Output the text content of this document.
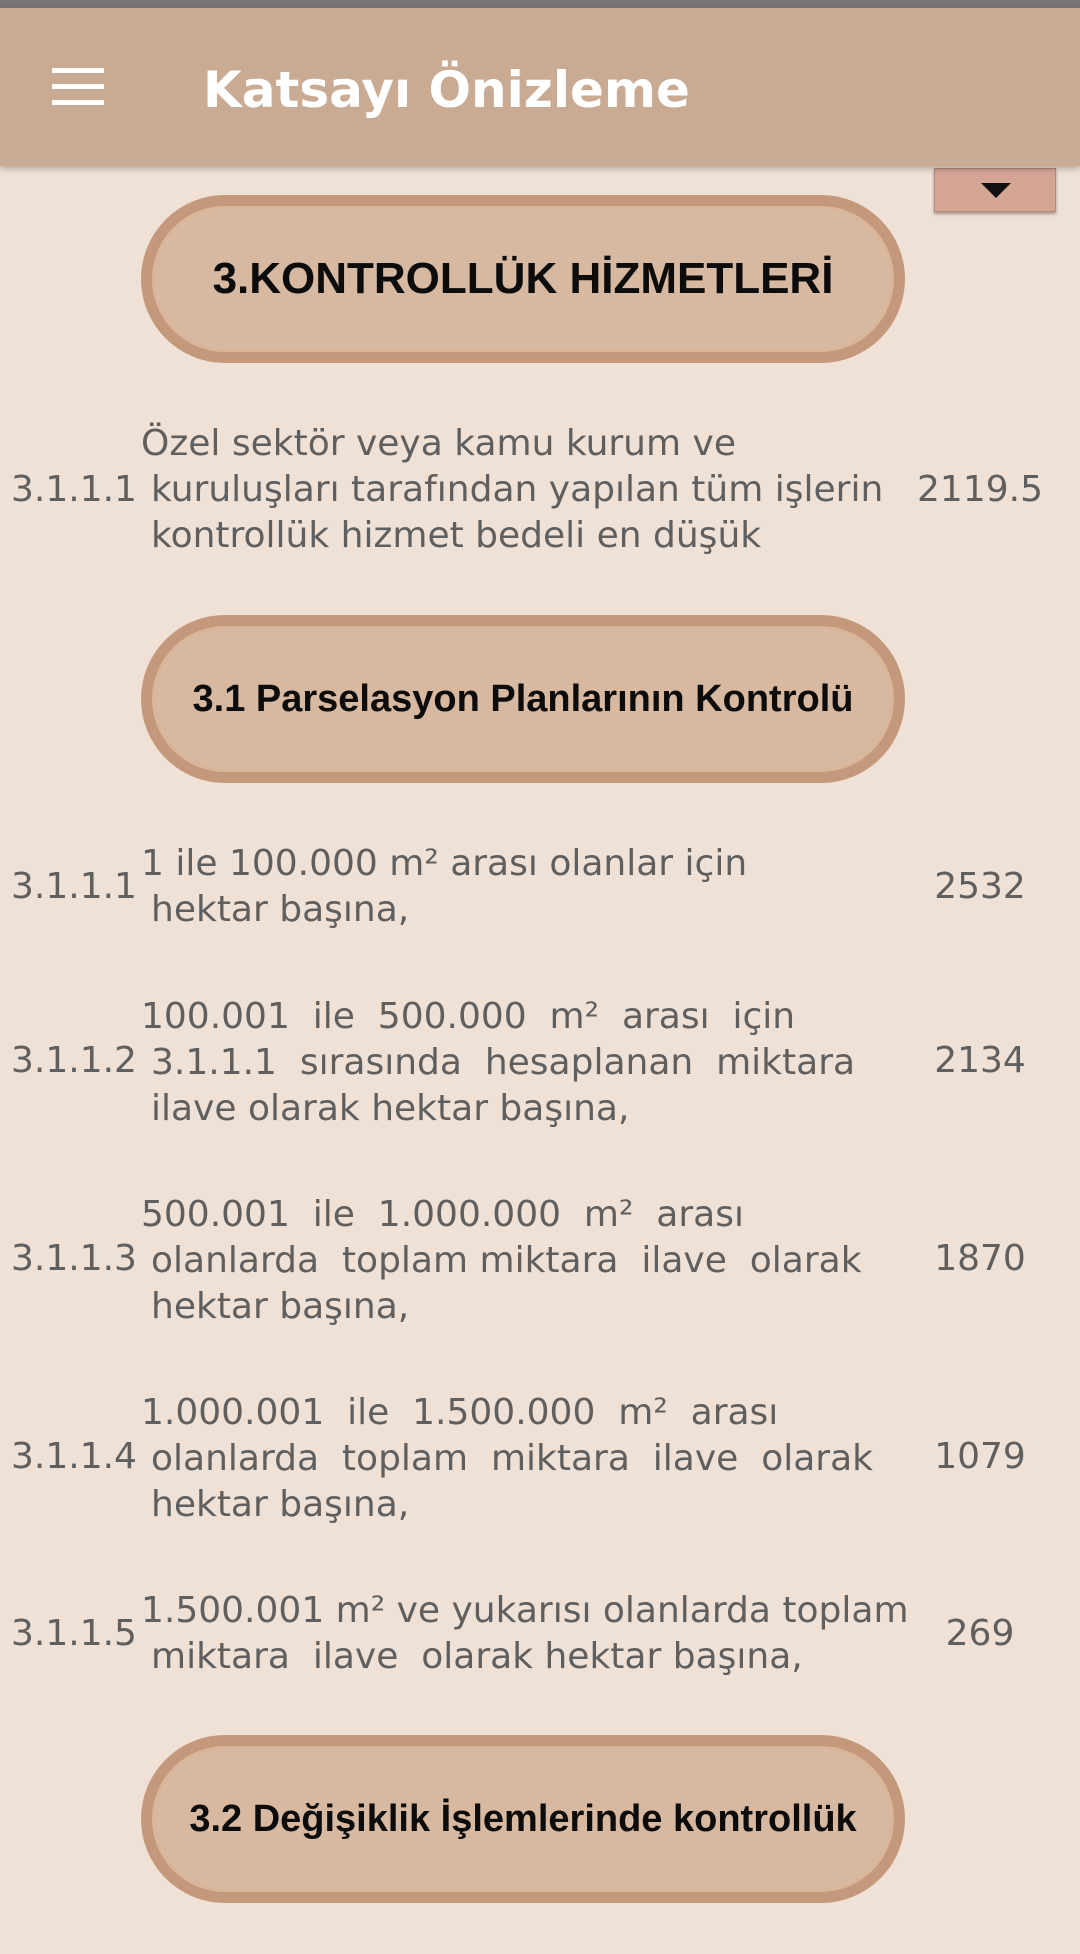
Katsayı Önizleme
3.KONTROLLÜK HİZMETLERİ
3.1.1.1
Özel sektör veya kamu kurum ve
kuruluşları tarafından yapılan tüm işlerin
kontrollük hizmet bedeli en düşük
2119.5
3.1 Parselasyon Planlarının Kontrolü
3.1.1.1
1 ile 100.000 m² arası olanlar için
hektar başına,
2532
3.1.1.2
100.001  ile  500.000  m²  arası  için
3.1.1.1  sırasında  hesaplanan  miktara
ilave olarak hektar başına,
2134
3.1.1.3
500.001  ile  1.000.000  m²  arası
olanlarda  toplam miktara  ilave  olarak
hektar başına,
1870
3.1.1.4
1.000.001  ile  1.500.000  m²  arası
olanlarda  toplam  miktara  ilave  olarak
hektar başına,
1079
3.1.1.5
1.500.001 m² ve yukarısı olanlarda toplam
miktara  ilave  olarak hektar başına,
269
3.2 Değişiklik İşlemlerinde kontrollük
